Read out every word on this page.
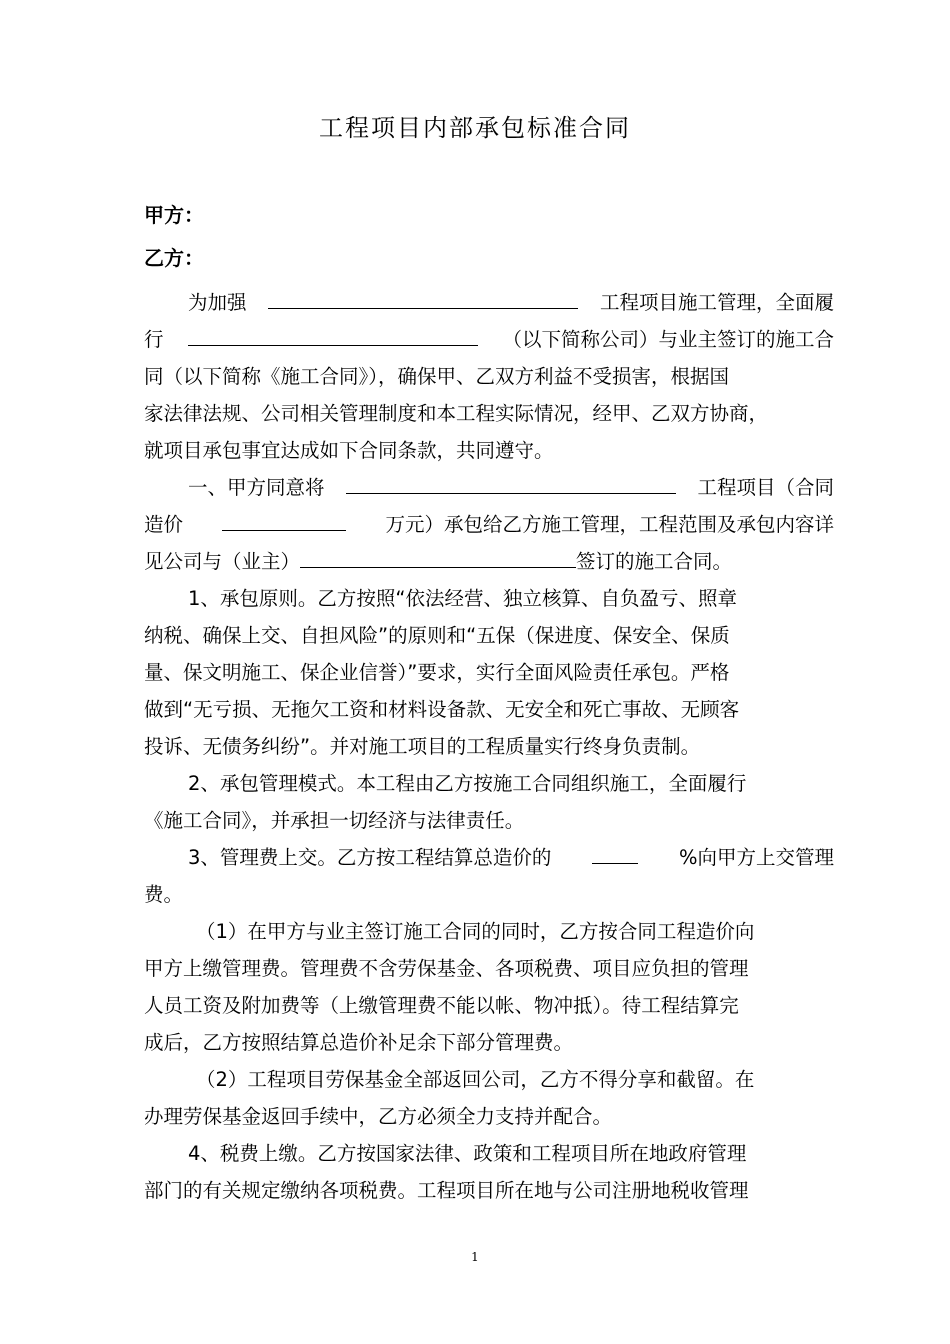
工程项目内部承包标准合同
甲方：
乙方：
为加强	工程项目施工管理，全面履
行	（以下简称公司）与业主签订的施工合
同（以下简称《施工合同》），确保甲、乙双方利益不受损害，根据国
家法律法规、公司相关管理制度和本工程实际情况，经甲、乙双方协商，
就项目承包事宜达成如下合同条款，共同遵守。
一、甲方同意将	工程项目（合同
造价	万元）承包给乙方施工管理，工程范围及承包内容详
见公司与（业主）	签订的施工合同。
1、承包原则。乙方按照“依法经营、独立核算、自负盈亏、照章
纳税、确保上交、自担风险”的原则和“五保（保进度、保安全、保质
量、保文明施工、保企业信誉）”要求，实行全面风险责任承包。严格
做到“无亏损、无拖欠工资和材料设备款、无安全和死亡事故、无顾客
投诉、无债务纠纷”。并对施工项目的工程质量实行终身负责制。
2、承包管理模式。本工程由乙方按施工合同组织施工，全面履行
《施工合同》，并承担一切经济与法律责任。
3、管理费上交。乙方按工程结算总造价的	%向甲方上交管理
费。
（1）在甲方与业主签订施工合同的同时，乙方按合同工程造价向
甲方上缴管理费。管理费不含劳保基金、各项税费、项目应负担的管理
人员工资及附加费等（上缴管理费不能以帐、物冲抵）。待工程结算完
成后，乙方按照结算总造价补足余下部分管理费。
（2）工程项目劳保基金全部返回公司，乙方不得分享和截留。在
办理劳保基金返回手续中，乙方必须全力支持并配合。
4、税费上缴。乙方按国家法律、政策和工程项目所在地政府管理
部门的有关规定缴纳各项税费。工程项目所在地与公司注册地税收管理
1
